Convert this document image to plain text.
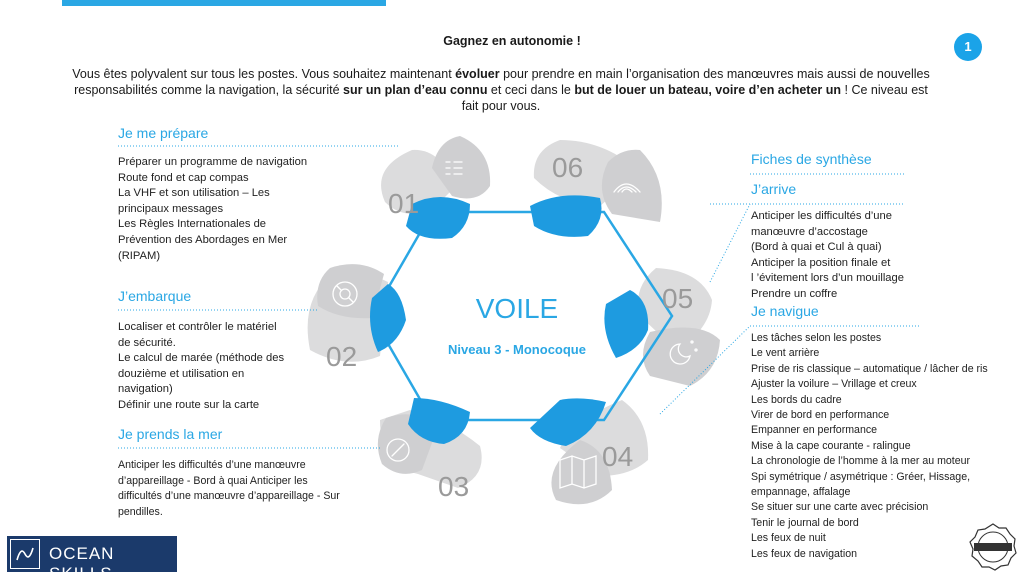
1
Gagnez en autonomie !
Vous êtes polyvalent sur tous les postes. Vous souhaitez maintenant évoluer pour prendre en main l’organisation des manœuvres mais aussi de nouvelles responsabilités comme la navigation, la sécurité sur un plan d’eau connu et ceci dans le but de louer un bateau, voire d’en acheter un ! Ce niveau est fait pour vous.
01
06
05
04
03
02
VOILE
Niveau 3 - Monocoque
Je me prépare
Préparer un programme de navigation
Route fond et cap compas
La VHF et son utilisation – Les
principaux messages
Les Règles Internationales de
Prévention des Abordages en Mer
(RIPAM)
J’embarque
Localiser et contrôler le matériel
de sécurité.
Le calcul de marée (méthode des
douzième et utilisation en
navigation)
Définir une route sur la carte
Je prends la mer
Anticiper les difficultés d’une manœuvre
d’appareillage - Bord à quai Anticiper les
difficultés d’une manœuvre d’appareillage - Sur
pendilles.
Fiches de synthèse
J’arrive
Anticiper les difficultés d’une
manœuvre d’accostage
(Bord à quai et Cul à quai)
Anticiper la position finale et
l ’évitement lors d’un mouillage
Prendre un coffre
Je navigue
Les tâches selon les postes
Le vent arrière
Prise de ris classique – automatique / lâcher de ris
Ajuster la voilure – Vrillage et creux
Les bords du cadre
Virer de bord en performance
Empanner en performance
Mise à la cape courante - ralingue
La chronologie de l’homme à la mer au moteur
Spi symétrique / asymétrique : Gréer, Hissage,
empannage, affalage
Se situer sur une carte avec précision
Tenir le journal de bord
Les feux de nuit
Les feux de navigation
OCEAN SKILLS
